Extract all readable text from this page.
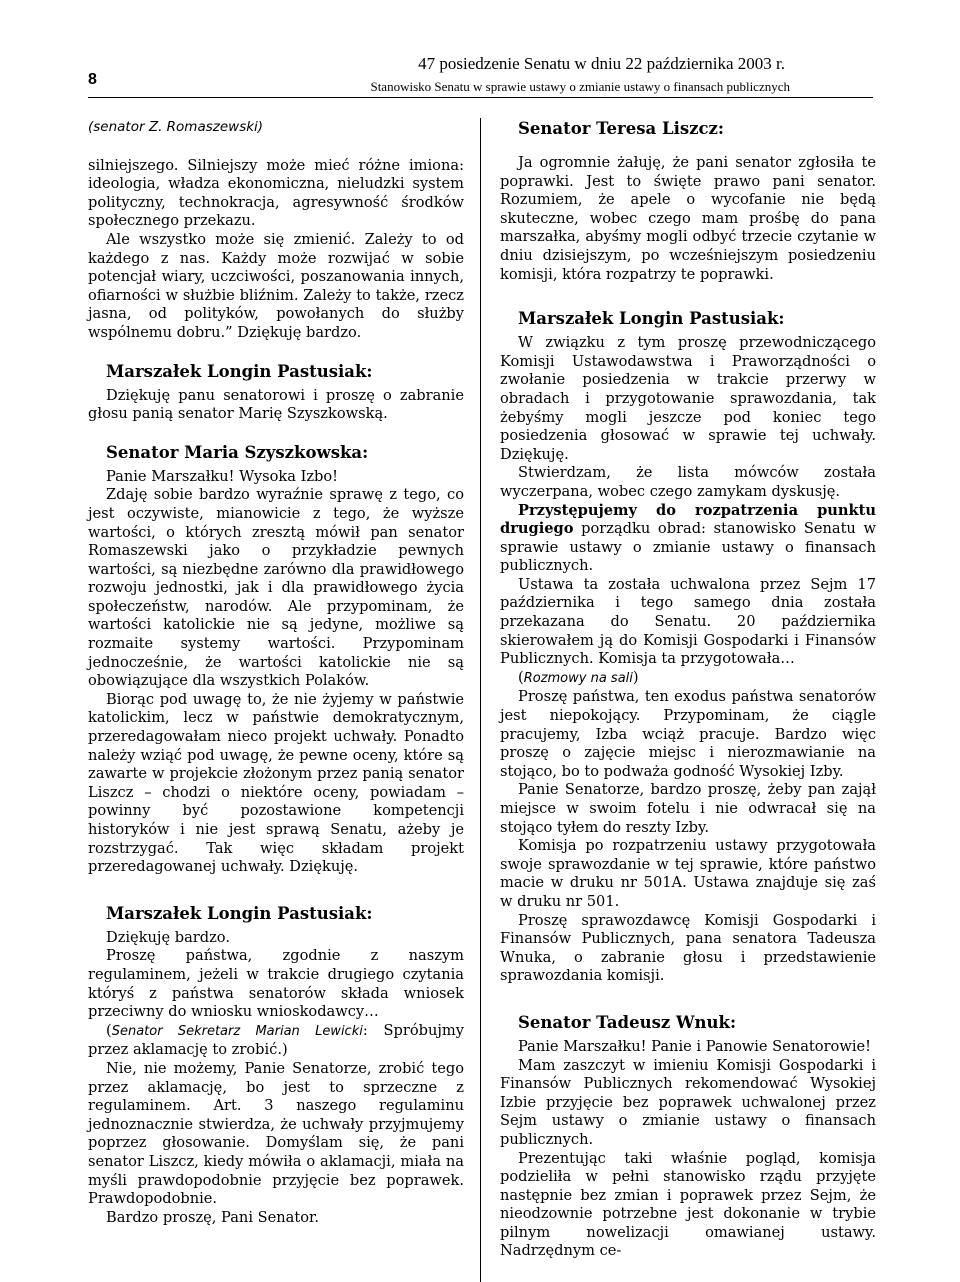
8
47 posiedzenie Senatu w dniu 22 października 2003 r.
Stanowisko Senatu w sprawie ustawy o zmianie ustawy o finansach publicznych

(senator Z. Romaszewski)

silniejszego. Silniejszy może mieć różne imiona: ideologia, władza ekonomiczna, nieludzki system polityczny, technokracja, agresywność środków społecznego przekazu.

Ale wszystko może się zmienić. Zależy to od każdego z nas. Każdy może rozwijać w sobie potencjał wiary, uczciwości, poszanowania innych, ofiarności w służbie bliźnim. Zależy to także, rzecz jasna, od polityków, powołanych do służby wspólnemu dobru.” Dziękuję bardzo.

Marszałek Longin Pastusiak:

Dziękuję panu senatorowi i proszę o zabranie głosu panią senator Marię Szyszkowską.

Senator Maria Szyszkowska:

Panie Marszałku! Wysoka Izbo!

Zdaję sobie bardzo wyraźnie sprawę z tego, co jest oczywiste, mianowicie z tego, że wyższe wartości, o których zresztą mówił pan senator Romaszewski jako o przykładzie pewnych wartości, są niezbędne zarówno dla prawidłowego rozwoju jednostki, jak i dla prawidłowego życia społeczeństw, narodów. Ale przypominam, że wartości katolickie nie są jedyne, możliwe są rozmaite systemy wartości. Przypominam jednocześnie, że wartości katolickie nie są obowiązujące dla wszystkich Polaków.

Biorąc pod uwagę to, że nie żyjemy w państwie katolickim, lecz w państwie demokratycznym, przeredagowałam nieco projekt uchwały. Ponadto należy wziąć pod uwagę, że pewne oceny, które są zawarte w projekcie złożonym przez panią senator Liszcz – chodzi o niektóre oceny, powiadam – powinny być pozostawione kompetencji historyków i nie jest sprawą Senatu, ażeby je rozstrzygać. Tak więc składam projekt przeredagowanej uchwały. Dziękuję.

Marszałek Longin Pastusiak:

Dziękuję bardzo.

Proszę państwa, zgodnie z naszym regulaminem, jeżeli w trakcie drugiego czytania któryś z państwa senatorów składa wniosek przeciwny do wniosku wnioskodawcy…

(Senator Sekretarz Marian Lewicki: Spróbujmy przez aklamację to zrobić.)

Nie, nie możemy, Panie Senatorze, zrobić tego przez aklamację, bo jest to sprzeczne z regulaminem. Art. 3 naszego regulaminu jednoznacznie stwierdza, że uchwały przyjmujemy poprzez głosowanie. Domyślam się, że pani senator Liszcz, kiedy mówiła o aklamacji, miała na myśli prawdopodobnie przyjęcie bez poprawek. Prawdopodobnie.

Bardzo proszę, Pani Senator.

Senator Teresa Liszcz:

Ja ogromnie żałuję, że pani senator zgłosiła te poprawki. Jest to święte prawo pani senator. Rozumiem, że apele o wycofanie nie będą skuteczne, wobec czego mam prośbę do pana marszałka, abyśmy mogli odbyć trzecie czytanie w dniu dzisiejszym, po wcześniejszym posiedzeniu komisji, która rozpatrzy te poprawki.

Marszałek Longin Pastusiak:

W związku z tym proszę przewodniczącego Komisji Ustawodawstwa i Praworządności o zwołanie posiedzenia w trakcie przerwy w obradach i przygotowanie sprawozdania, tak żebyśmy mogli jeszcze pod koniec tego posiedzenia głosować w sprawie tej uchwały. Dziękuję.

Stwierdzam, że lista mówców została wyczerpana, wobec czego zamykam dyskusję.

Przystępujemy do rozpatrzenia punktu drugiego porządku obrad: stanowisko Senatu w sprawie ustawy o zmianie ustawy o finansach publicznych.

Ustawa ta została uchwalona przez Sejm 17 października i tego samego dnia została przekazana do Senatu. 20 października skierowałem ją do Komisji Gospodarki i Finansów Publicznych. Komisja ta przygotowała…

(Rozmowy na sali)

Proszę państwa, ten exodus państwa senatorów jest niepokojący. Przypominam, że ciągle pracujemy, Izba wciąż pracuje. Bardzo więc proszę o zajęcie miejsc i nierozmawianie na stojąco, bo to podważa godność Wysokiej Izby.

Panie Senatorze, bardzo proszę, żeby pan zajął miejsce w swoim fotelu i nie odwracał się na stojąco tyłem do reszty Izby.

Komisja po rozpatrzeniu ustawy przygotowała swoje sprawozdanie w tej sprawie, które państwo macie w druku nr 501A. Ustawa znajduje się zaś w druku nr 501.

Proszę sprawozdawcę Komisji Gospodarki i Finansów Publicznych, pana senatora Tadeusza Wnuka, o zabranie głosu i przedstawienie sprawozdania komisji.

Senator Tadeusz Wnuk:

Panie Marszałku! Panie i Panowie Senatorowie!

Mam zaszczyt w imieniu Komisji Gospodarki i Finansów Publicznych rekomendować Wysokiej Izbie przyjęcie bez poprawek uchwalonej przez Sejm ustawy o zmianie ustawy o finansach publicznych.

Prezentując taki właśnie pogląd, komisja podzieliła w pełni stanowisko rządu przyjęte następnie bez zmian i poprawek przez Sejm, że nieodzownie potrzebne jest dokonanie w trybie pilnym nowelizacji omawianej ustawy. Nadrzędnym ce-
